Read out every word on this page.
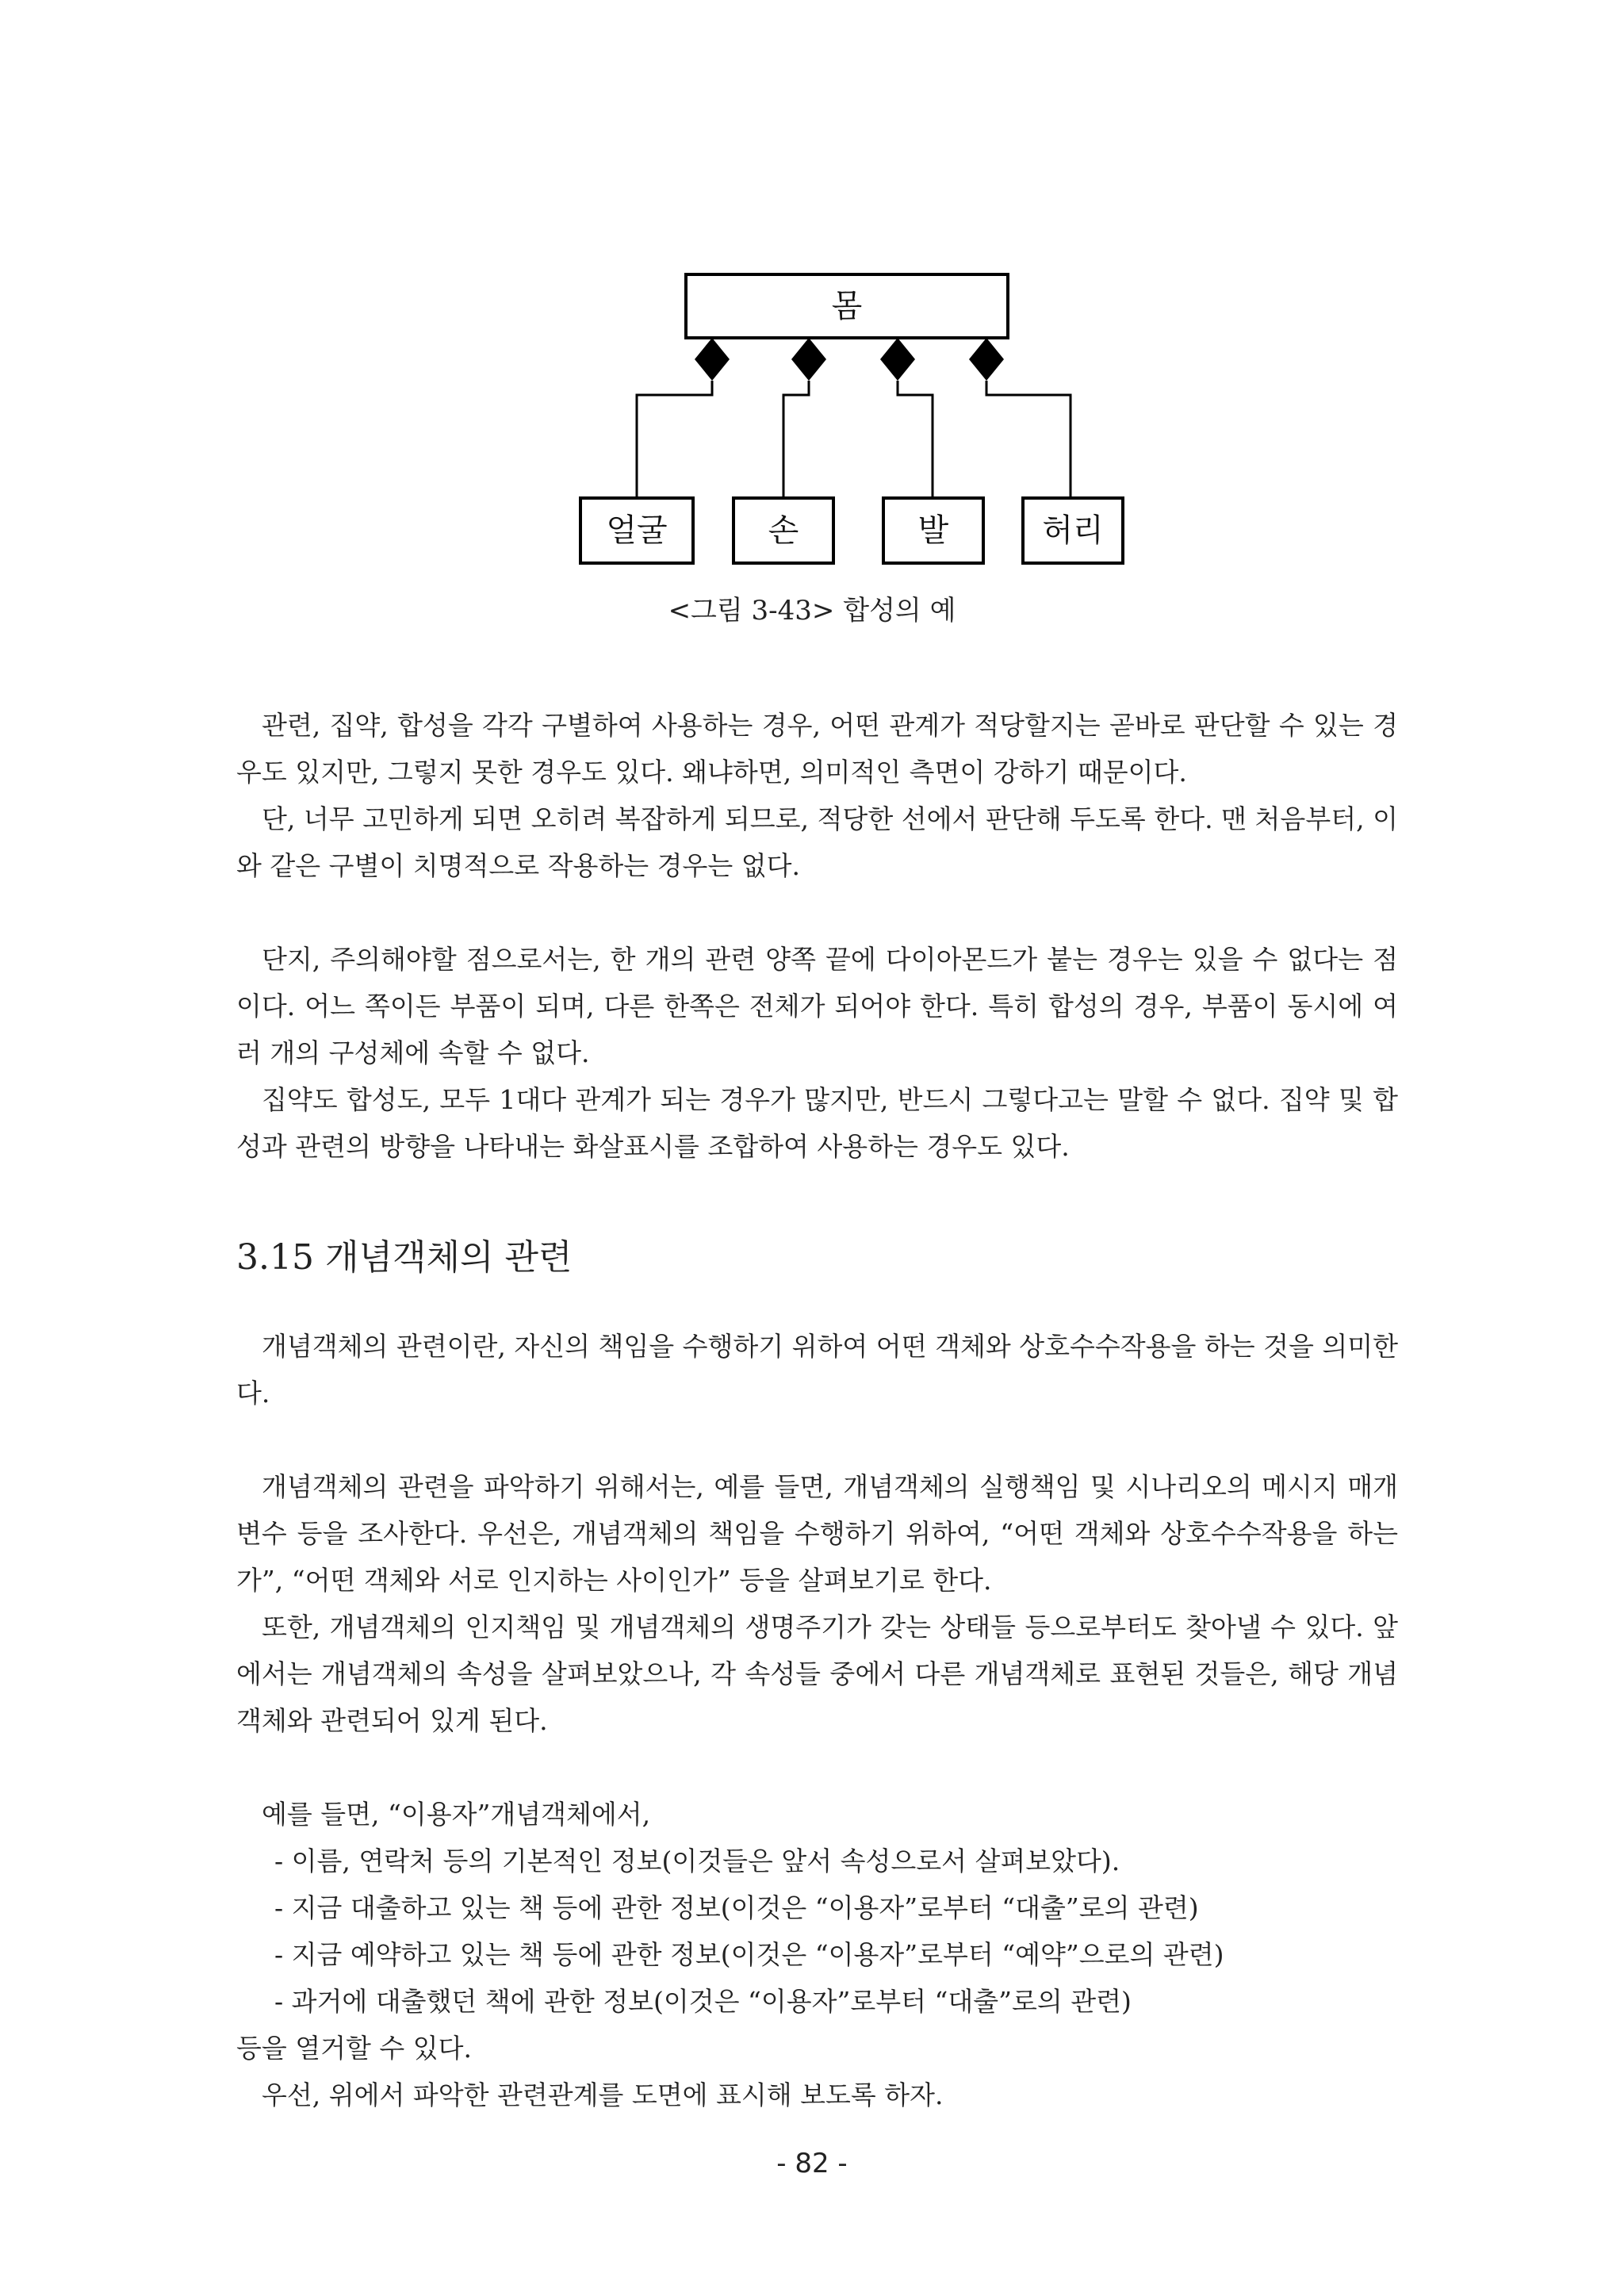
몸
얼굴	손	발	허리
<그림 3-43> 합성의 예

관련, 집약, 합성을 각각 구별하여 사용하는 경우, 어떤 관계가 적당할지는 곧바로 판단할 수 있는 경우도 있지만, 그렇지 못한 경우도 있다. 왜냐하면, 의미적인 측면이 강하기 때문이다.

단, 너무 고민하게 되면 오히려 복잡하게 되므로, 적당한 선에서 판단해 두도록 한다. 맨 처음부터, 이와 같은 구별이 치명적으로 작용하는 경우는 없다.

단지, 주의해야할 점으로서는, 한 개의 관련 양쪽 끝에 다이아몬드가 붙는 경우는 있을 수 없다는 점이다. 어느 쪽이든 부품이 되며, 다른 한쪽은 전체가 되어야 한다. 특히 합성의 경우, 부품이 동시에 여러 개의 구성체에 속할 수 없다.

집약도 합성도, 모두 1대다 관계가 되는 경우가 많지만, 반드시 그렇다고는 말할 수 없다. 집약 및 합성과 관련의 방향을 나타내는 화살표시를 조합하여 사용하는 경우도 있다.

3.15 개념객체의 관련

개념객체의 관련이란, 자신의 책임을 수행하기 위하여 어떤 객체와 상호수수작용을 하는 것을 의미한다.

개념객체의 관련을 파악하기 위해서는, 예를 들면, 개념객체의 실행책임 및 시나리오의 메시지 매개변수 등을 조사한다. 우선은, 개념객체의 책임을 수행하기 위하여, “어떤 객체와 상호수수작용을 하는가”, “어떤 객체와 서로 인지하는 사이인가” 등을 살펴보기로 한다.

또한, 개념객체의 인지책임 및 개념객체의 생명주기가 갖는 상태들 등으로부터도 찾아낼 수 있다. 앞에서는 개념객체의 속성을 살펴보았으나, 각 속성들 중에서 다른 개념객체로 표현된 것들은, 해당 개념객체와 관련되어 있게 된다.

예를 들면, “이용자”개념객체에서,

- 이름, 연락처 등의 기본적인 정보(이것들은 앞서 속성으로서 살펴보았다).

- 지금 대출하고 있는 책 등에 관한 정보(이것은 “이용자”로부터 “대출”로의 관련)

- 지금 예약하고 있는 책 등에 관한 정보(이것은 “이용자”로부터 “예약”으로의 관련)

- 과거에 대출했던 책에 관한 정보(이것은 “이용자”로부터 “대출”로의 관련)

등을 열거할 수 있다.

우선, 위에서 파악한 관련관계를 도면에 표시해 보도록 하자.

- 82 -
